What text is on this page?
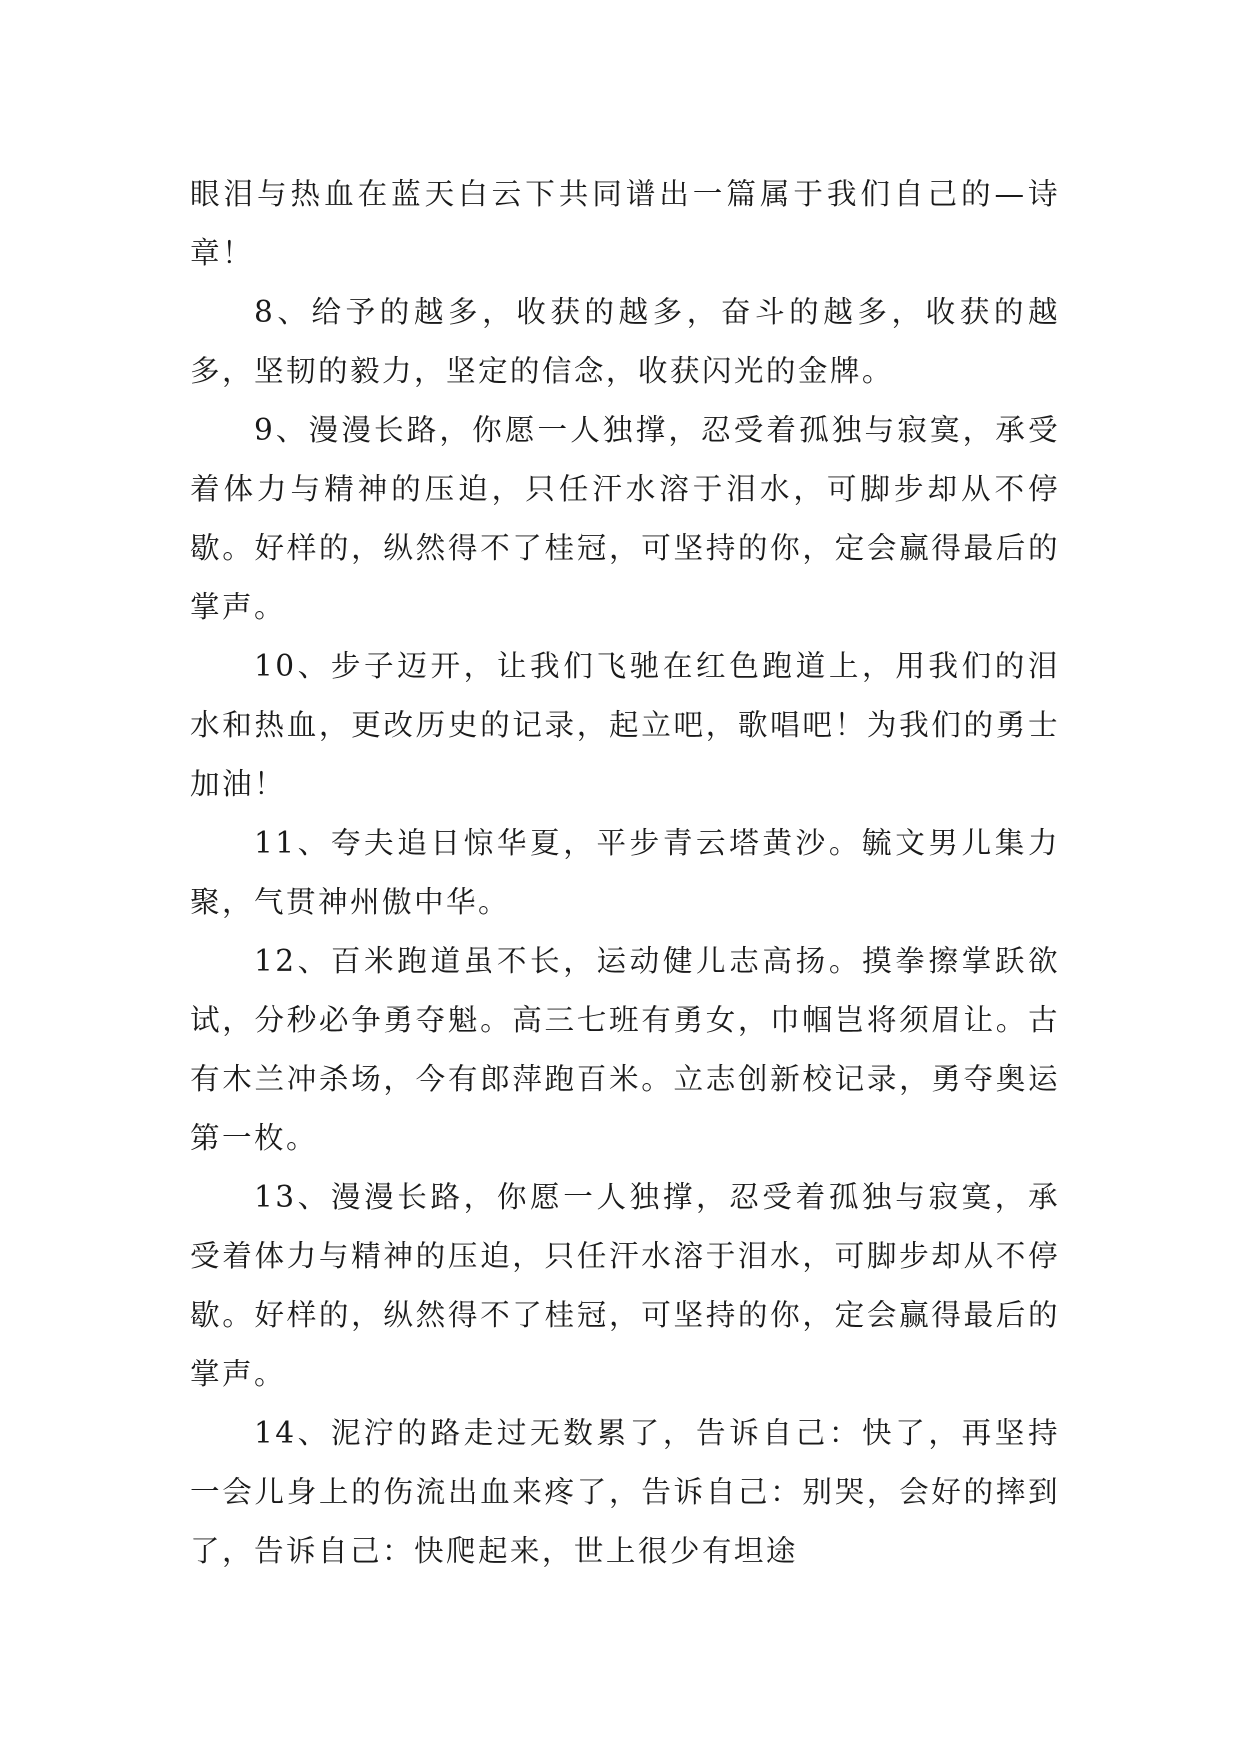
眼泪与热血在蓝天白云下共同谱出一篇属于我们自己的—诗章！

8、给予的越多，收获的越多，奋斗的越多，收获的越多，坚韧的毅力，坚定的信念，收获闪光的金牌。

9、漫漫长路，你愿一人独撑，忍受着孤独与寂寞，承受着体力与精神的压迫，只任汗水溶于泪水，可脚步却从不停歇。好样的，纵然得不了桂冠，可坚持的你，定会赢得最后的掌声。

10、步子迈开，让我们飞驰在红色跑道上，用我们的泪水和热血，更改历史的记录，起立吧，歌唱吧！为我们的勇士加油！

11、夸夫追日惊华夏，平步青云塔黄沙。毓文男儿集力聚，气贯神州傲中华。

12、百米跑道虽不长，运动健儿志高扬。摸拳擦掌跃欲试，分秒必争勇夺魁。高三七班有勇女，巾帼岂将须眉让。古有木兰冲杀场，今有郎萍跑百米。立志创新校记录，勇夺奥运第一枚。

13、漫漫长路，你愿一人独撑，忍受着孤独与寂寞，承受着体力与精神的压迫，只任汗水溶于泪水，可脚步却从不停歇。好样的，纵然得不了桂冠，可坚持的你，定会赢得最后的掌声。

14、泥泞的路走过无数累了，告诉自己：快了，再坚持一会儿身上的伤流出血来疼了，告诉自己：别哭，会好的摔到了，告诉自己：快爬起来，世上很少有坦途
